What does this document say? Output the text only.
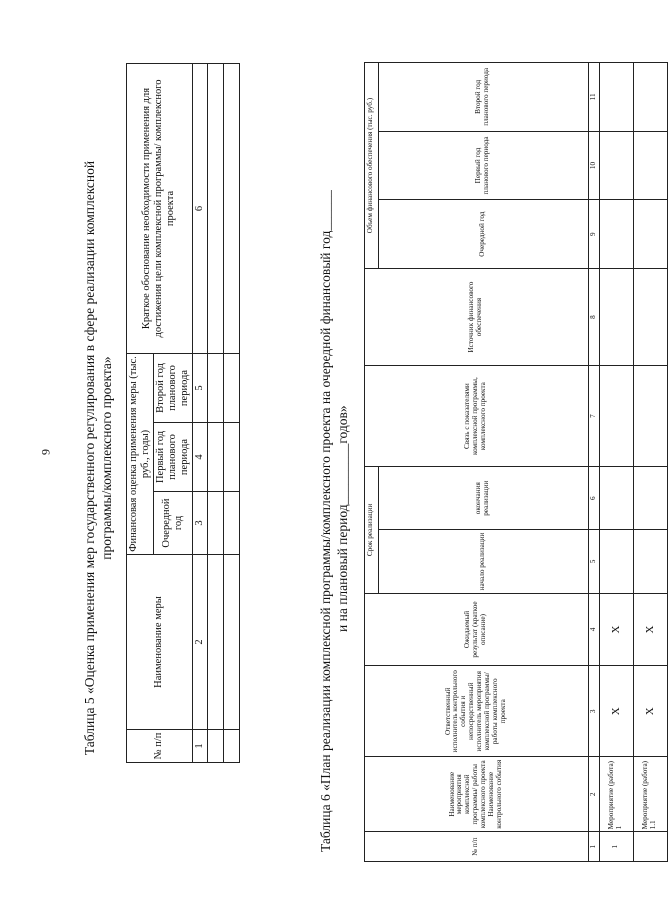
9 Таблица 5 «Оценка применения мер государственного регулирования в сфере реализации комплексной программы/комплексного проекта»
№ п/п	Наименование меры	Финансовая оценка применения меры (тыс. руб., годы)			Краткое обоснование необходимости применения для достижения цели комплексной программы/ комплексного проекта
		Очередной год	Первый год планового периода	Второй год планового периода	
1	2	3	4	5	6

						Таблица 6 «План реализации комплексной программы/комплексного проекта на очередной финансовый год______ и на плановый период_________годов»
№ п/п	Наименование мероприятия комплексной программы/ работы комплексного проекта Наименование контрольного события	Ответственный исполнитель контрольного события и непосредственный исполнитель мероприятия комплексной программы/ работы комплексного проекта	Ожидаемый результат (краткое описание)	Срок реализации		Связь с показателями комплексной программы, комплексного проекта	Источник финансового обеспечения	Объем финансового обеспечения (тыс. руб.)		
				начало реализации	окончания реализации			Очередной год	Первый год планового периода	Второй год планового периода
1	2	3	4	5	6	7	8	9	10	11
1	Мероприятие (работа) 1	X	X							
	Мероприятие (работа) 1.1	X	X							
